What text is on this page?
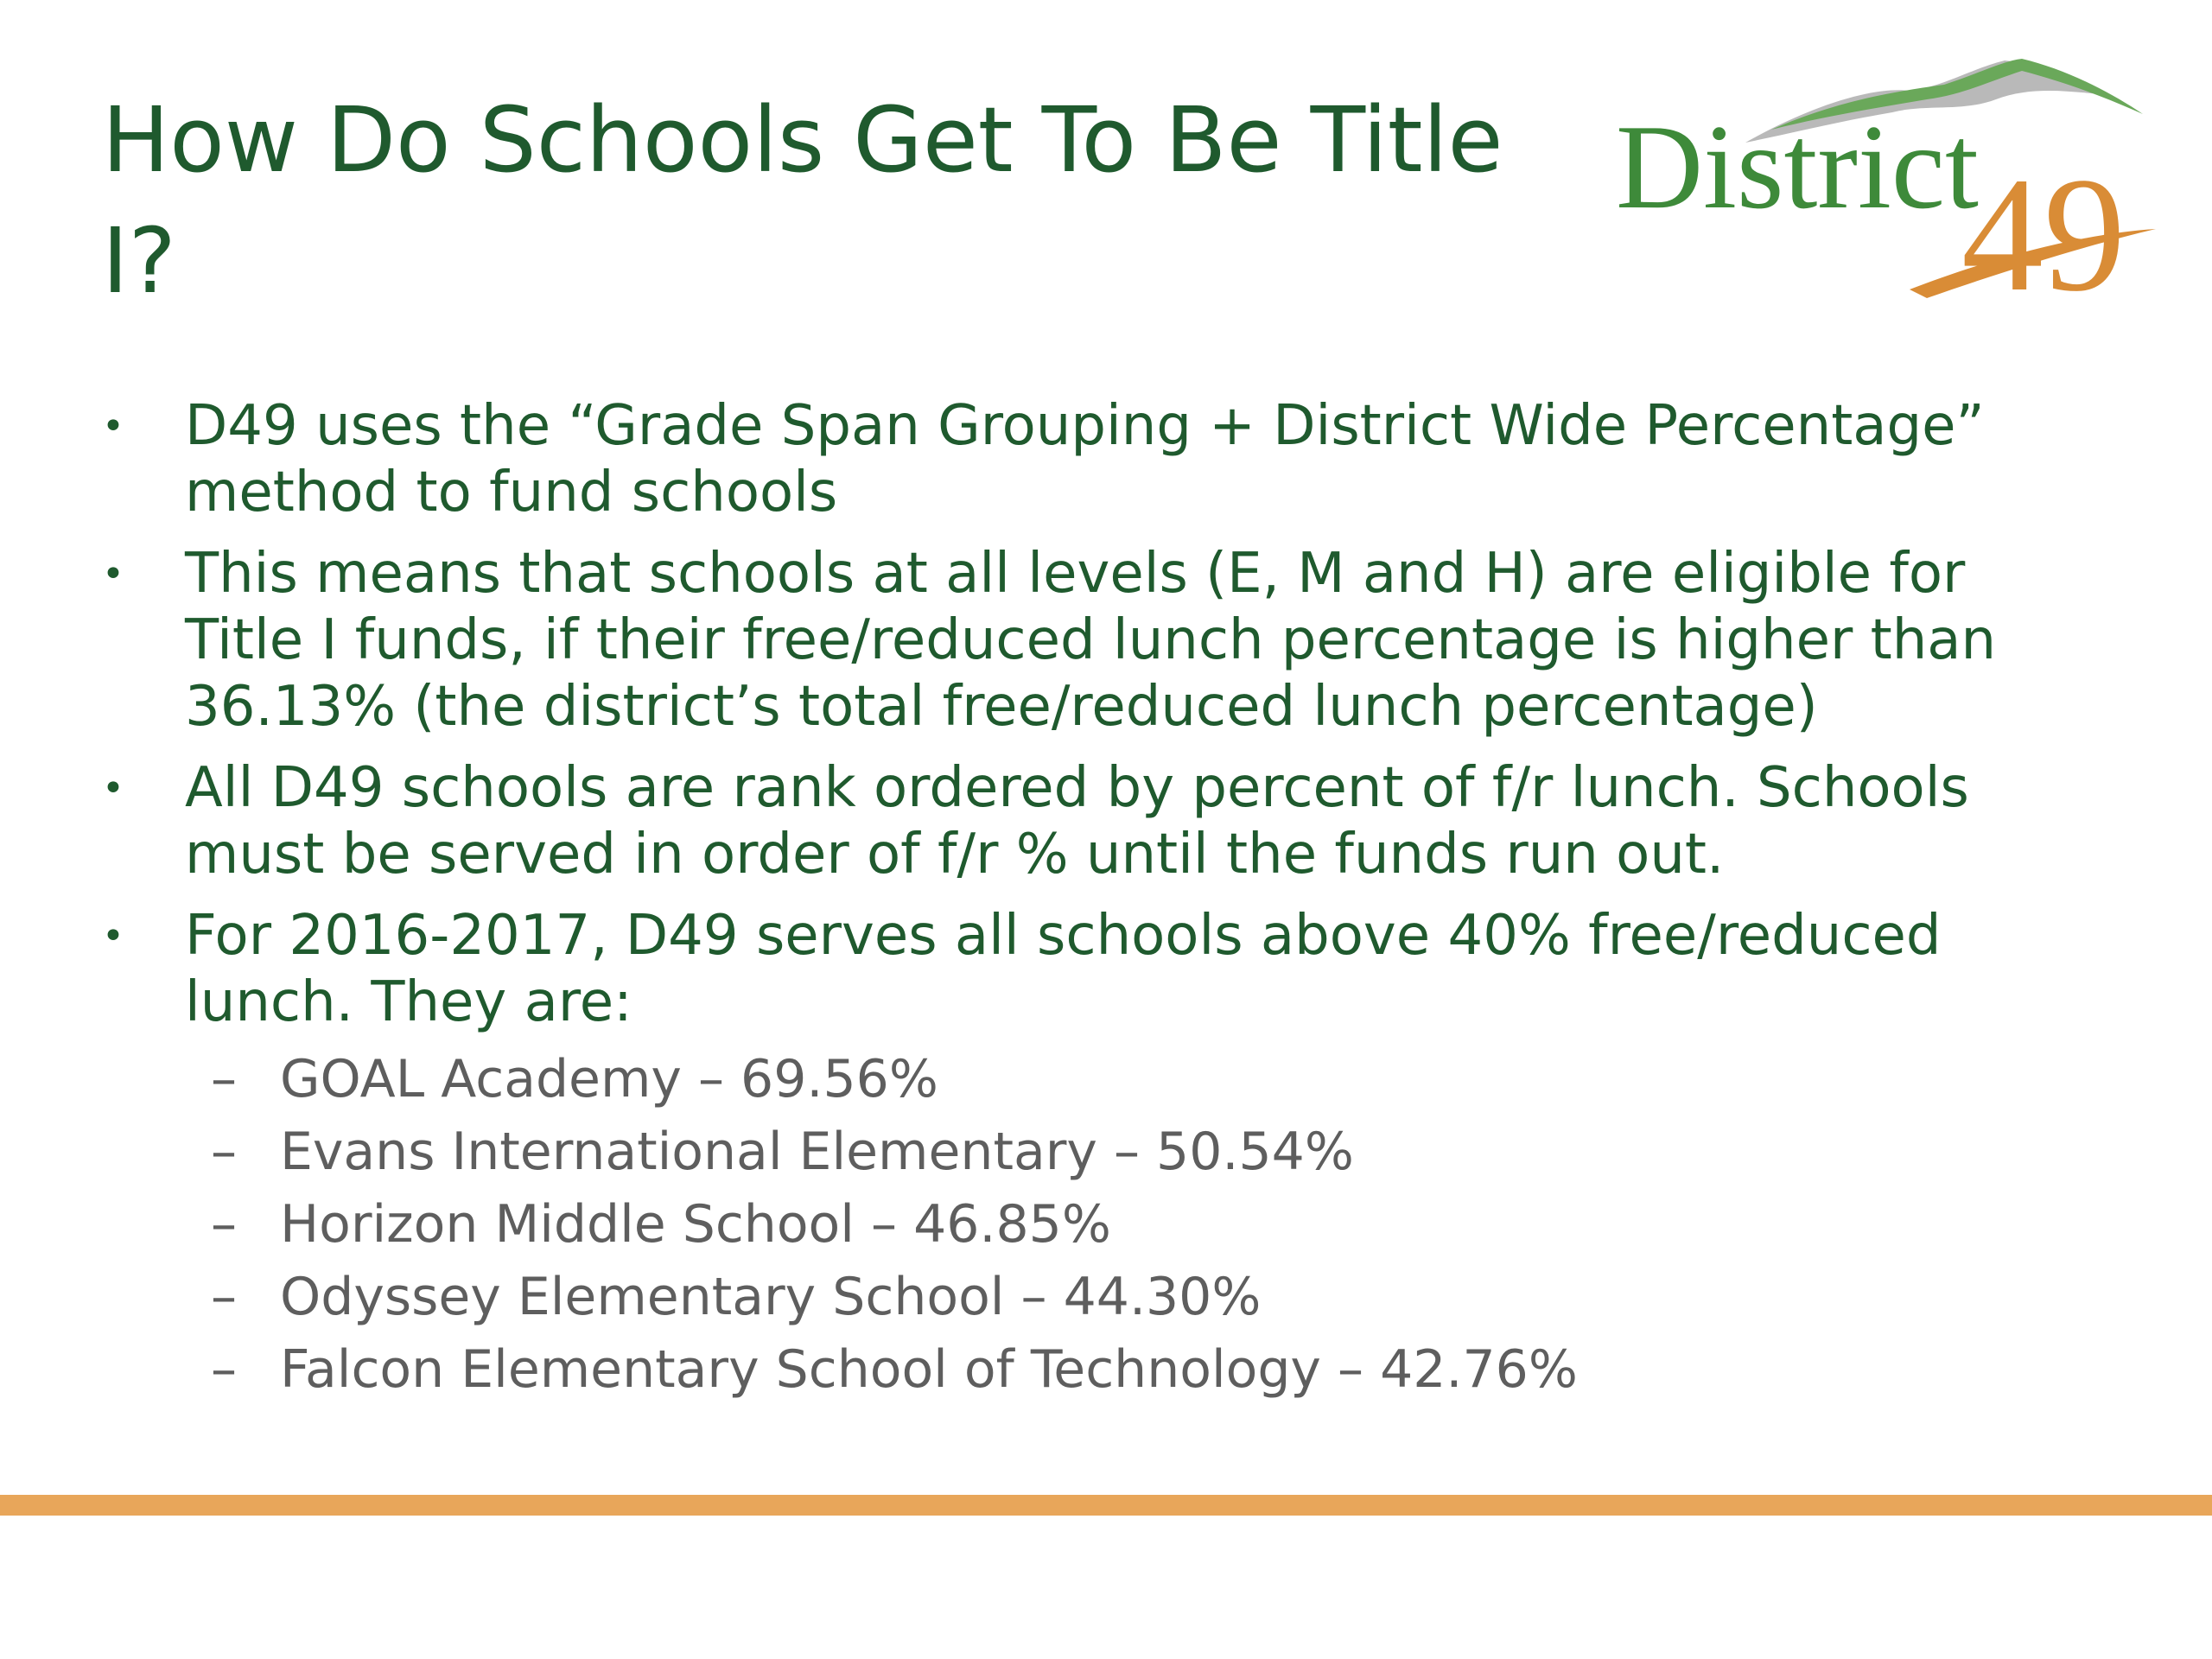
How Do Schools Get To Be Title I?
District
49
• D49 uses the “Grade Span Grouping + District Wide Percentage” method to fund schools
• This means that schools at all levels (E, M and H) are eligible for Title I funds, if their free/reduced lunch percentage is higher than 36.13% (the district’s total free/reduced lunch percentage)
• All D49 schools are rank ordered by percent of f/r lunch. Schools must be served in order of f/r % until the funds run out.
• For 2016-2017, D49 serves all schools above 40% free/reduced lunch. They are:
– GOAL Academy – 69.56%
– Evans International Elementary – 50.54%
– Horizon Middle School – 46.85%
– Odyssey Elementary School – 44.30%
– Falcon Elementary School of Technology – 42.76%
